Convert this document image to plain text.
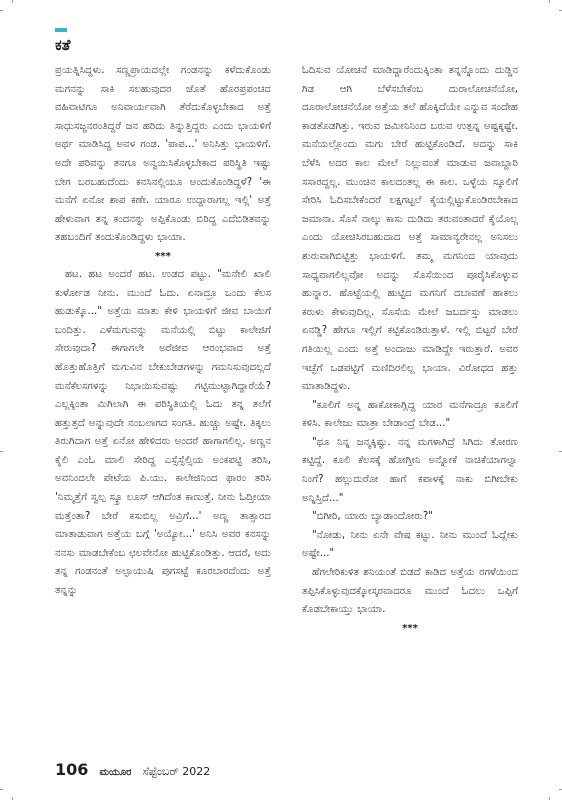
ಕತೆ

ಪ್ರಯತ್ನಿಸಿದ್ದಳು. ಸಣ್ಣಪ್ರಾಯದಲ್ಲೇ ಗಂಡನನ್ನು ಕಳೆದುಕೊಂಡು ಮಗನನ್ನು ಸಾಕಿ ಸಲಹುವುದರ ಜೊತೆ ಹೊರಪ್ರಪಂಚದ ವಹಿವಾಟಿಗೂ ಅನಿವಾರ್ಯವಾಗಿ ತೆರೆದುಕೊಳ್ಳಬೇಕಾದ ಅತ್ತೆ ಸಾಧುಸಜ್ಜನರಂತಿದ್ದರೆ ಜನ ಹರಿದು ತಿನ್ನುತ್ತಿದ್ದರು ಎಂದು ಭಾಯಳಿಗೆ ಅರ್ಥ ಮಾಡಿಸಿದ್ದ ಅವಳ ಗಂಡ. 'ಪಾಪ...' ಅನಿಸಿತ್ತು ಭಾಯಳಿಗೆ. ಅದೇ ಪರಿವನ್ನು ತನಗೂ ಅನ್ವಯಿಸಿಕೊಳ್ಳಬೇಕಾದ ಪರಿಸ್ಥಿತಿ ಇಷ್ಟು ಬೇಗ ಬರಬಹುದೆಂದು ಕನಸಿನಲ್ಲಿಯೂ ಅಂದುಕೊಂಡಿದ್ದಳೆ? 'ಈ ಮನೆಗೆ ಏನೋ ಶಾಪ ಕಣೇ. ಯಾರೂ ಉದ್ದಾರಾಗಲ್ಲ ಇಲ್ಲಿ' ಅತ್ತೆ ಹೇಳುವಾಗ ತನ್ನ ಕಂದನನ್ನು ಅಪ್ಪಿಕೊಂಡು ಬಿರಿದ್ದ ಎದೆಬಿಡಿತವನ್ನು ತಹಬಂದಿಗೆ ತಂದುಕೊಂಡಿದ್ದಳು ಭಾಯಾ.

***

ಹಟ. ಹಟ ಅಂದರೆ ಹಟ. ಉಡದ ಪಟ್ಟು. "ಮನೇಲಿ ಖಾಲಿ ಕುರ್ಳೋಡ ನೀನು. ಮುಂದೆ ಓದು. ಏನಾದ್ರೂ ಒಂದು ಕೆಲಸ ಹುಡುಕ್ಕೊ..." ಅತ್ತೆಯ ಮಾತು ಕೇಳಿ ಭಾಯಳಿಗೆ ಜೀವ ಬಾಯಿಗೆ ಬಂದಿತ್ತು. ಎಳೆಮಗುವನ್ನು ಮನೆಯಲ್ಲಿ ಬಿಟ್ಟು ಕಾಲೇಜಿಗೆ ಸೇರುವುದಾ? ಈಗಾಗಲೇ ಅರೆಜೀವ ಆರಂಭವಾದ ಅತ್ತೆ ಹೊತ್ತುಹೊತ್ತಿಗೆ ಮಗುವಿನ ಬೇಕುಬೇಡಗಳನ್ನು ಗಮನಿಸುವುದಲ್ಲದೆ ಮನೆಕೆಲಸಗಳನ್ನು ನಿಭಾಯಿಸುವಷ್ಟು ಗಟ್ಟಿಮುಟ್ಟಾಗಿದ್ದಾರೆಯೆ? ಎಲ್ಲಕ್ಕಿಂತಾ ಮಿಗಿಲಾಗಿ ಈ ಪರಿಸ್ಥಿತಿಯಲ್ಲಿ ಓದು ತನ್ನ ತಲೆಗೆ ಹತ್ತುತ್ತದೆ ಅನ್ನುವುದೇ ನಂಬಲಾಗದ ಸಂಗತಿ. ಹುಚ್ಚು ಅಷ್ಟೇ. ತಿಕ್ಕಲು ತಿರುಗಿದಾಗ ಅತ್ತೆ ಏನೋ ಹೇಳಿದರು ಅಂದರೆ ಹಾಗಾಗಲಿಲ್ಲ. ಅಣ್ಣನ ಕೈಲಿ ಎಂಓ ಮಾಲಿ ಸೇರಿದ್ದ ಎಸ್ಸೆಸ್ಸೆಲ್ಸಿಯ ಅಂಕಪಟ್ಟಿ ತರಿಸಿ, ಅವನಿಂದಲೇ ಪೇಟೆಯ ಪಿ.ಯು. ಕಾಲೇಜಿನಿಂದ ಫಾರಂ ತರಿಸಿ 'ನಿಮ್ಮತ್ತೆಗೆ ಸ್ವಲ್ಪ ಸ್ಕ್ರೂ ಲೂಸ್ ಆಗಿದೆಂತ ಕಾಣುತ್ತೆ. ನೀನು ಓದ್ತೀಯಾ ಮತ್ತೆಂತಾ? ಬೇರೆ ಕಸುಬಿಲ್ಲ ಅವ್ರಿಗೆ...' ಅಣ್ಣ ತಾತ್ಸಾರದ ಮಾತಾಡುವಾಗ ಅತ್ತೆಯ ಬಗ್ಗೆ 'ಅಯ್ಯೋ...' ಅನಿಸಿ ಅವರ ಕನಸನ್ನು ನನಸು ಮಾಡಬೇಕೆಂಬ ಛಲವೇನೋ ಹುಟ್ಟಿಕೊಂಡಿತ್ತು. ಆದರೆ, ಅದು ತನ್ನ ಗಂಡನಂತೆ ಅಲ್ಪಾಯುಷಿ ಪುಗಸಟ್ಟೆ ಕೂರಬಾರದೆಂದು ಅತ್ತೆ ತನ್ನನ್ನು

ಓದಿಸುವ ಯೋಚನೆ ಮಾಡಿದ್ದಾರೆಂದುಕ್ಕಿಂತಾ ತನ್ನನ್ನೊಂದು ದುಡ್ಡಿನ ಗಿಡ ಆಗಿ ಬೆಳೆಸಬೇಕೆಂಬ ದುರಾಲೋಚನೆಯೋ, ದೂರಾಲೋಚನೆಯೋ ಅತ್ತೆಯ ತಲೆ ಹೊಕ್ಕಿದೆಯೇ ಎನ್ನುವ ಸಂದೇಹ ಕಾಡತೊಡಗಿತ್ತು. ಇರುವ ಜಮೀನಿನಿಂದ ಬರುವ ಉತ್ಪನ್ನ ಅಷ್ಟಕ್ಕಷ್ಟೇ. ಮನೆಯಲ್ಲೊಂದು ಮಗು ಬೇರೆ ಹುಟ್ಟಿಕೊಂಡಿದೆ. ಅದನ್ನು ಸಾಕಿ ಬೆಳೆಸಿ ಅದರ ಕಾಲ ಮೇಲೆ ನಿಲ್ಲುವಂತೆ ಮಾಡುವ ಜವಾಬ್ದಾರಿ ಸಸಾರದ್ದಲ್ಲ. ಮುಂಚಿನ ಕಾಲದಂತಲ್ಲ ಈ ಕಾಲ. ಒಳ್ಳೆಯ ಸ್ಕೂಲಿಗೆ ಸೇರಿಸಿ ಓದಿಸಬೇಕೆಂದರೆ ಲಕ್ಷಗಟ್ಟಲೆ ಕೈಯಲ್ಲಿಟ್ಟುಕೊಂಡಿರಬೇಕಾದ ಜಮಾನಾ. ಸೊಸೆ ನಾಲ್ಕು ಕಾಸು ದುಡಿದು ತರುವಂತಾದರೆ ಕೈಯೊಲ್ಲ ಎಂದು ಯೋಚಿಸಿರಬಹುದಾದ ಅತ್ತೆ ಸಾಮಾನ್ಯರೇನಲ್ಲ ಅನಿಸಲು ಶುರುವಾಗಿಬಿಟ್ಟಿತ್ತು ಭಾಯಳಿಗೆ. ತಮ್ಮ ಮಗನಿಂದ ಯಾವುದು ಸಾಧ್ಯವಾಗಲಿಲ್ಲವೋ ಅದನ್ನು ಸೊಸೆಯಿಂದ ಪೂರೈಸಿಕೊಳ್ಳುವ ಹುನ್ನಾರ. ಹೊಟ್ಟೆಯಲ್ಲಿ ಹುಟ್ಟಿದ ಮಗನಿಗೆ ದಬಾವಣೆ ಹಾಕಲು ಕರುಳು ಕೇಳುವುದಿಲ್ಲ. ಸೊಸೆಯ ಮೇಲೆ ಜಬರ್ದಸ್ತು ಮಾಡಲು ಏನಡ್ಡಿ? ಹೇಗೂ ಇಲ್ಲಿಗೆ ಕಟ್ಟಿಕೊಂಡಿರುತ್ತಾಳೆ. ಇಲ್ಲಿ ಬಿಟ್ಟರೆ ಬೇರೆ ಗತಿಯಿಲ್ಲ ಎಂದು ಅತ್ತೆ ಅಂದಾಜು ಮಾಡಿದ್ದೇ ಇರುತ್ತಾರೆ. ಅವರ ಇಚ್ಛೆಗೆ ಒಡಪಟ್ಟಿಗೆ ಮಣಿದಿರಲಿಲ್ಲ ಭಾಯಾ. ವಿರೋಧದ ಹತ್ತು ಮಾತಾಡಿದ್ದಳು.

"ಕೂಲಿಗೆ ಅನ್ನ ಹಾಕೋಕಾಗ್ಲಿದ್ದ ಯಾರ ಮನೆಗಾದ್ರೂ ಕೂಲಿಗೆ ಕಳಿಸಿ. ಕಾಲೇಜು ಮಾತ್ರಾ ಬೇಡಾಂದ್ರೆ ಬೇಡ..."

"ಥೂ ನಿನ್ನ ಜನ್ಮಕ್ಕಿಷ್ಟು. ನನ್ನ ಮಗಳಾಗಿದ್ರೆ ಸಿಗಿದು ತೋರಣ ಕಟ್ಟಿದ್ದೆ. ಕೂಲಿ ಕೆಲಸಕ್ಕೆ ಹೋಗ್ತೀನಿ ಅನ್ನೋಕೆ ನಾಚಿಕೆಯಾಗಲ್ವಾ ನಿಂಗೆ? ಹಲ್ಲುದುರೋ ಹಾಗೆ ಕಪಾಳಕ್ಕೆ ನಾಕು ಬಿಗೀಬೇಕು ಅನ್ನಿಸ್ತಿದೆ..."

"ಬಿಗೀರಿ, ಯಾರು ಬ್ಯಾಡಾಂದೋರು?"

"ನೋಡು, ನೀನು ಏನೇ ವೇಷ ಕಟ್ಟು. ನೀನು ಮುಂದೆ ಓದ್ಲೇಕು ಅಷ್ಟೇ..."

ಹೆಗಲೇರಿಕುಳಿತ ಶನಿಯಂತೆ ಬಿಡದೆ ಕಾಡಿದ ಅತ್ತೆಯ ರಗಳೆಯಿಂದ ತಪ್ಪಿಸಿಕೊಳ್ಳುವುದಕ್ಕೋಸ್ಕರವಾದರೂ ಮುಂದೆ ಓದಲು ಒಪ್ಪಿಗೆ ಕೊಡಬೇಕಾಯ್ತು ಭಾಯಾ.

***
106 ಮಯೂರ ಸೆಪ್ಟೆಂಬರ್ 2022
